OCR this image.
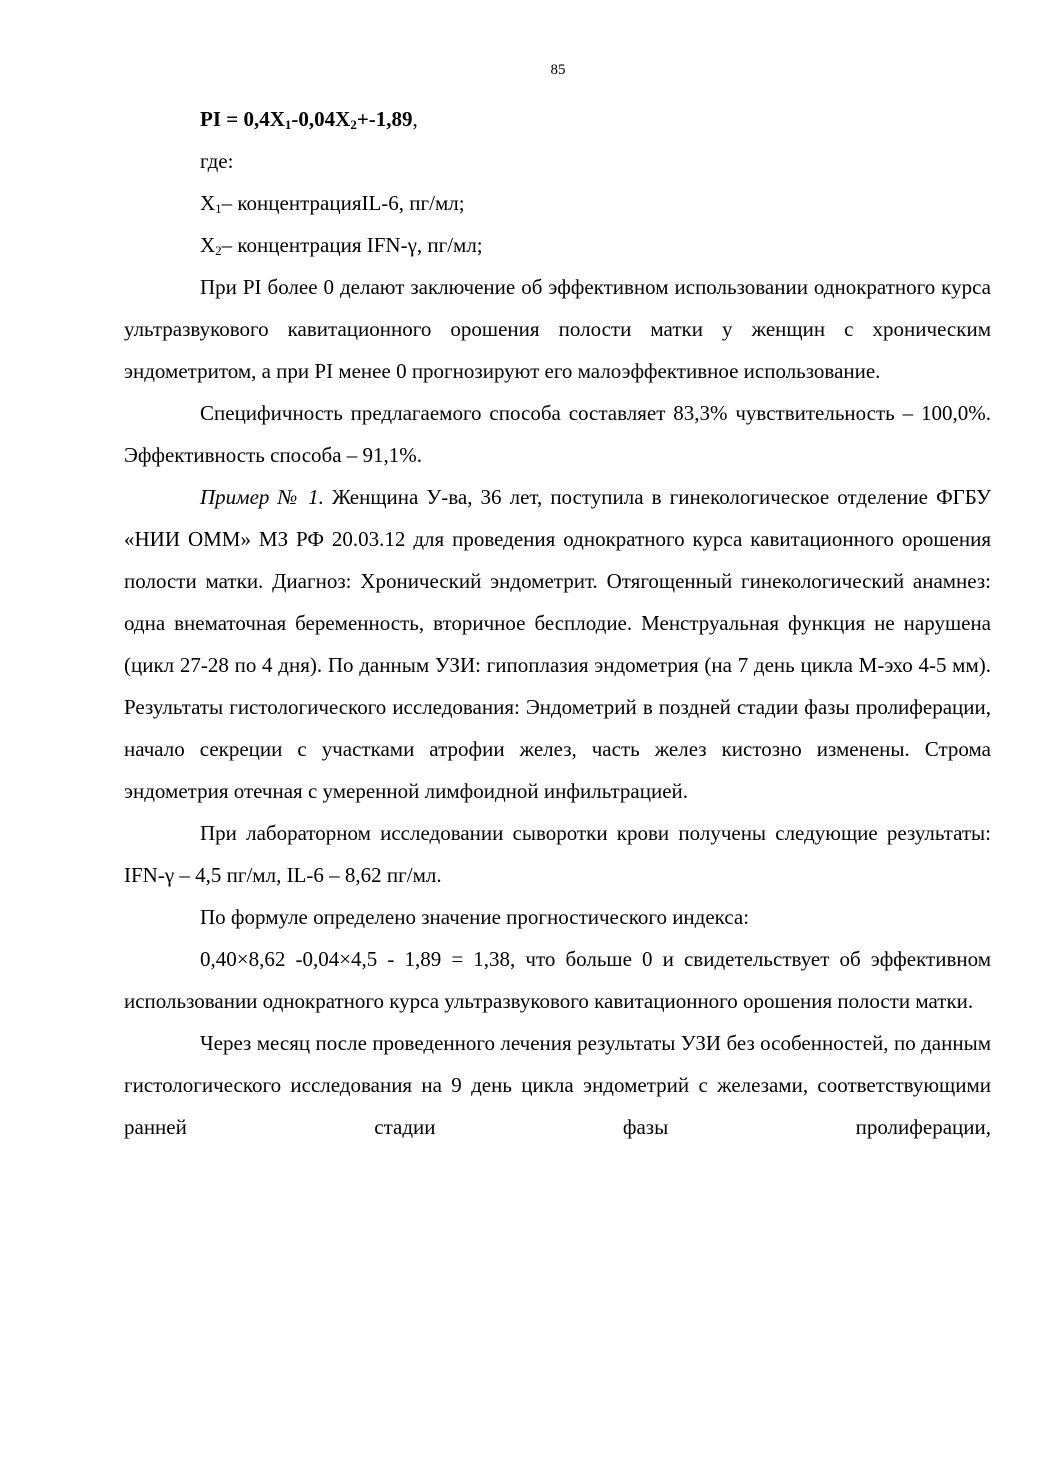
85

PI = $0,4X_1-0,04X_2+-1,89$,

где:

$X_1-$ концентрацияIL-6, пг/мл;

$X_2-$ концентрация IFN-γ, пг/мл;

При PI более 0 делают заключение об эффективном использовании однократного курса ультразвукового кавитационного орошения полости матки у женщин с хроническим эндометритом, а при PI менее 0 прогнозируют его малоэффективное использование.

Специфичность предлагаемого способа составляет 83,3% чувствительность – 100,0%. Эффективность способа – 91,1%.

Пример № 1. Женщина У-ва, 36 лет, поступила в гинекологическое отделение ФГБУ «НИИ ОММ» МЗ РФ 20.03.12 для проведения однократного курса кавитационного орошения полости матки. Диагноз: Хронический эндометрит. Отягощенный гинекологический анамнез: одна внематочная беременность, вторичное бесплодие. Менструальная функция не нарушена (цикл 27-28 по 4 дня). По данным УЗИ: гипоплазия эндометрия (на 7 день цикла М-эхо 4-5 мм). Результаты гистологического исследования: Эндометрий в поздней стадии фазы пролиферации, начало секреции с участками атрофии желез, часть желез кистозно изменены. Строма эндометрия отечная с умеренной лимфоидной инфильтрацией.

При лабораторном исследовании сыворотки крови получены следующие результаты: IFN-γ – 4,5 пг/мл, IL-6 – 8,62 пг/мл.

По формуле определено значение прогностического индекса:

0,40×8,62 -0,04×4,5 - 1,89 = 1,38, что больше 0 и свидетельствует об эффективном использовании однократного курса ультразвукового кавитационного орошения полости матки.

Через месяц после проведенного лечения результаты УЗИ без особенностей, по данным гистологического исследования на 9 день цикла эндометрий с железами, соответствующими ранней стадии фазы пролиферации,
